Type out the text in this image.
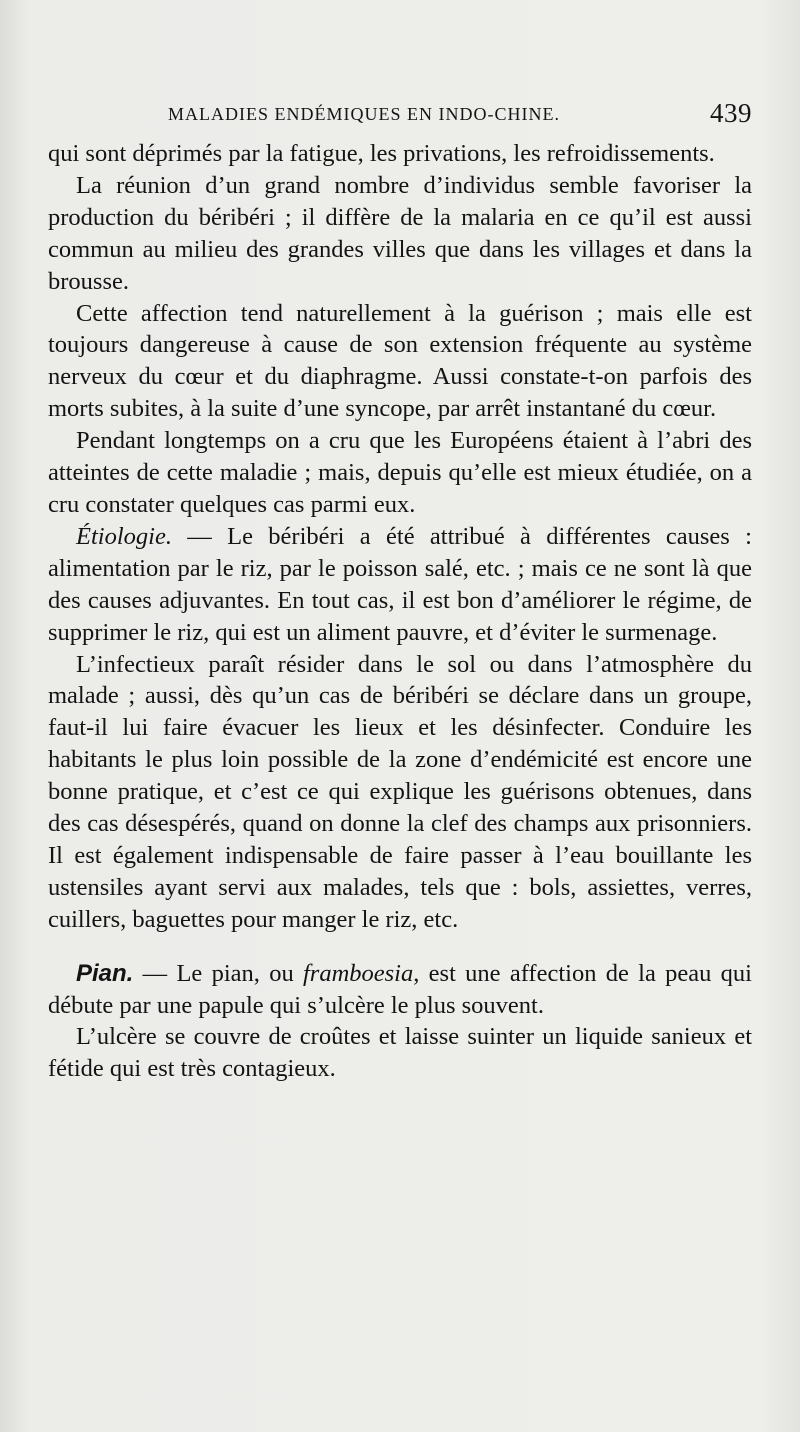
MALADIES ENDÉMIQUES EN INDO-CHINE.	439

qui sont déprimés par la fatigue, les privations, les refroidissements.

La réunion d’un grand nombre d’individus semble favoriser la production du béribéri ; il diffère de la malaria en ce qu’il est aussi commun au milieu des grandes villes que dans les villages et dans la brousse.

Cette affection tend naturellement à la guérison ; mais elle est toujours dangereuse à cause de son extension fréquente au système nerveux du cœur et du diaphragme. Aussi constate-t-on parfois des morts subites, à la suite d’une syncope, par arrêt instantané du cœur.

Pendant longtemps on a cru que les Européens étaient à l’abri des atteintes de cette maladie ; mais, depuis qu’elle est mieux étudiée, on a cru constater quelques cas parmi eux.

Étiologie. — Le béribéri a été attribué à différentes causes : alimentation par le riz, par le poisson salé, etc. ; mais ce ne sont là que des causes adjuvantes. En tout cas, il est bon d’améliorer le régime, de supprimer le riz, qui est un aliment pauvre, et d’éviter le surmenage.

L’infectieux paraît résider dans le sol ou dans l’atmosphère du malade ; aussi, dès qu’un cas de béribéri se déclare dans un groupe, faut-il lui faire évacuer les lieux et les désinfecter. Conduire les habitants le plus loin possible de la zone d’endémicité est encore une bonne pratique, et c’est ce qui explique les guérisons obtenues, dans des cas désespérés, quand on donne la clef des champs aux prisonniers. Il est également indispensable de faire passer à l’eau bouillante les ustensiles ayant servi aux malades, tels que : bols, assiettes, verres, cuillers, baguettes pour manger le riz, etc.

Pian. — Le pian, ou framboesia, est une affection de la peau qui débute par une papule qui s’ulcère le plus souvent.

L’ulcère se couvre de croûtes et laisse suinter un liquide sanieux et fétide qui est très contagieux.
